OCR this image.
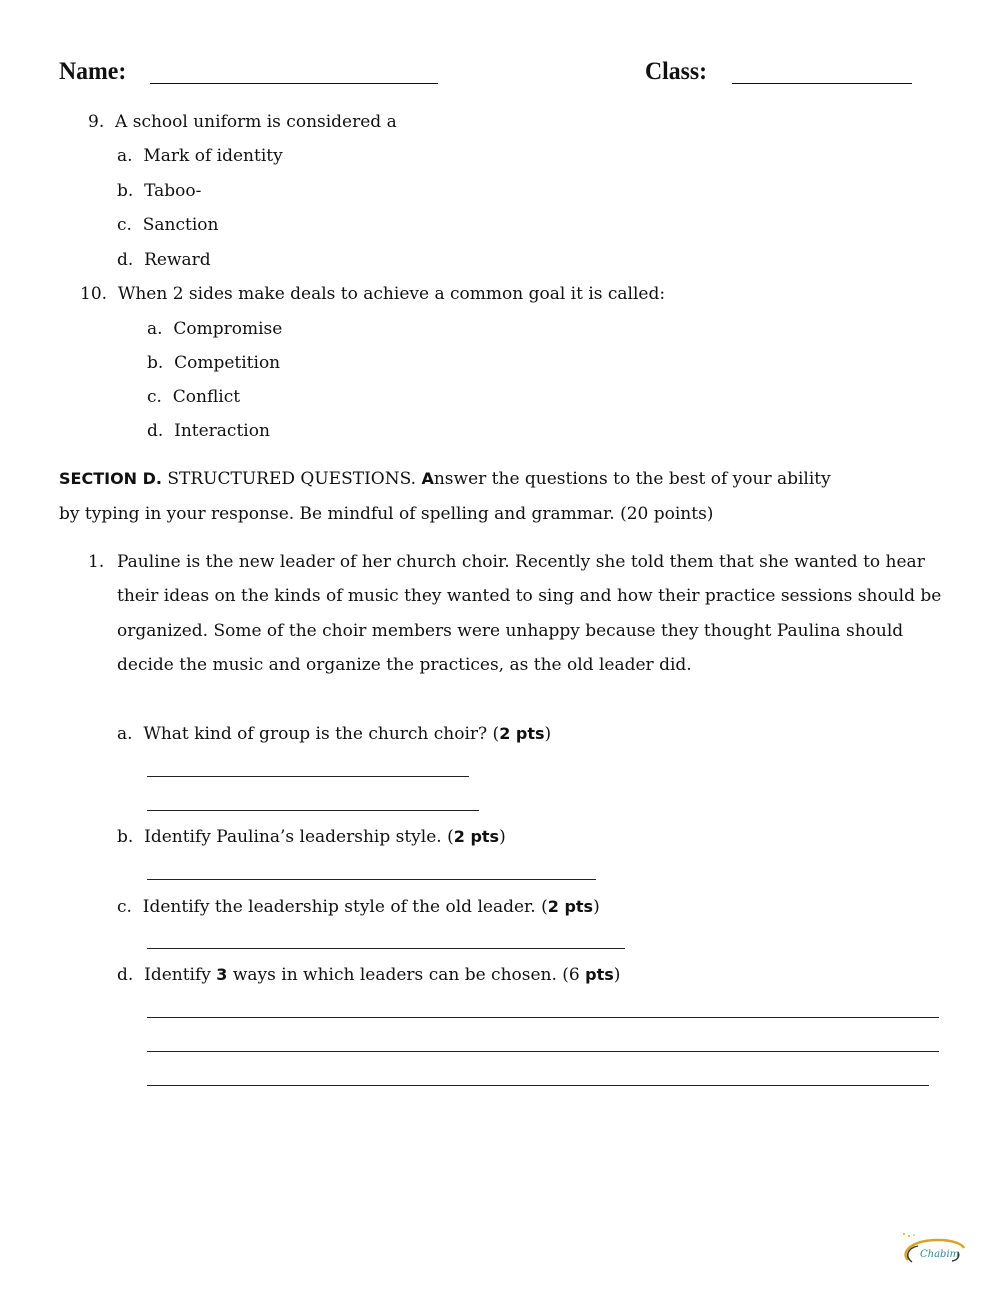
Name:	Class:
9. A school uniform is considered a
a. Mark of identity
b. Taboo-
c. Sanction
d. Reward
10. When 2 sides make deals to achieve a common goal it is called:
a. Compromise
b. Competition
c. Conflict
d. Interaction
SECTION D. STRUCTURED QUESTIONS. Answer the questions to the best of your ability
by typing in your response. Be mindful of spelling and grammar. (20 points)
1. Pauline is the new leader of her church choir. Recently she told them that she wanted to hear their ideas on the kinds of music they wanted to sing and how their practice sessions should be organized. Some of the choir members were unhappy because they thought Paulina should decide the music and organize the practices, as the old leader did.
a. What kind of group is the church choir? (2 pts)
b. Identify Paulina’s leadership style. (2 pts)
c. Identify the leadership style of the old leader. (2 pts)
d. Identify 3 ways in which leaders can be chosen. (6 pts)
Chabim
